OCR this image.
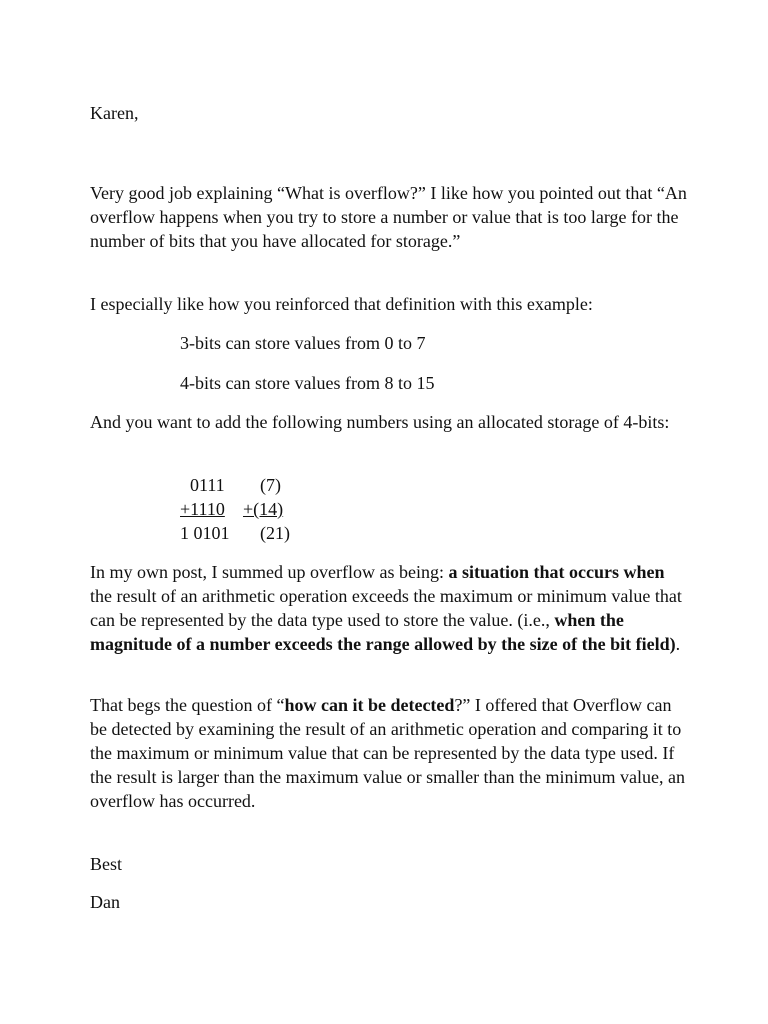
Karen,

Very good job explaining “What is overflow?” I like how you pointed out that “An overflow happens when you try to store a number or value that is too large for the number of bits that you have allocated for storage.”

I especially like how you reinforced that definition with this example:

3-bits can store values from 0 to 7

4-bits can store values from 8 to 15

And you want to add the following numbers using an allocated storage of 4-bits:

0111

(7)

+1110

+(14)

1 0101

(21)

In my own post, I summed up overflow as being: a situation that occurs when the result of an arithmetic operation exceeds the maximum or minimum value that can be represented by the data type used to store the value. (i.e., when the magnitude of a number exceeds the range allowed by the size of the bit field).

That begs the question of “how can it be detected?” I offered that Overflow can be detected by examining the result of an arithmetic operation and comparing it to the maximum or minimum value that can be represented by the data type used. If the result is larger than the maximum value or smaller than the minimum value, an overflow has occurred.

Best

Dan
